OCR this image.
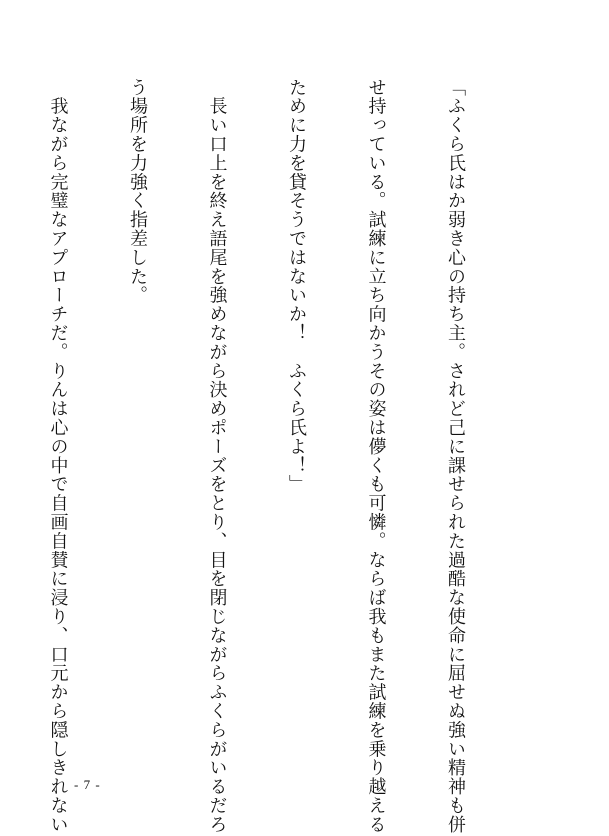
「ふくら氏はか弱き心の持ち主。されど己に課せられた過酷な使命に屈せぬ強い精神も併

せ持っている。試練に立ち向かうその姿は儚くも可憐。ならば我もまた試練を乗り越える

ために力を貸そうではないか！　ふくら氏よ！」

　長い口上を終え語尾を強めながら決めポーズをとり、目を閉じながらふくらがいるだろ

う場所を力強く指差した。

　我ながら完璧なアプローチだ。りんは心の中で自画自賛に浸り、口元から隠しきれない

- 7 -
